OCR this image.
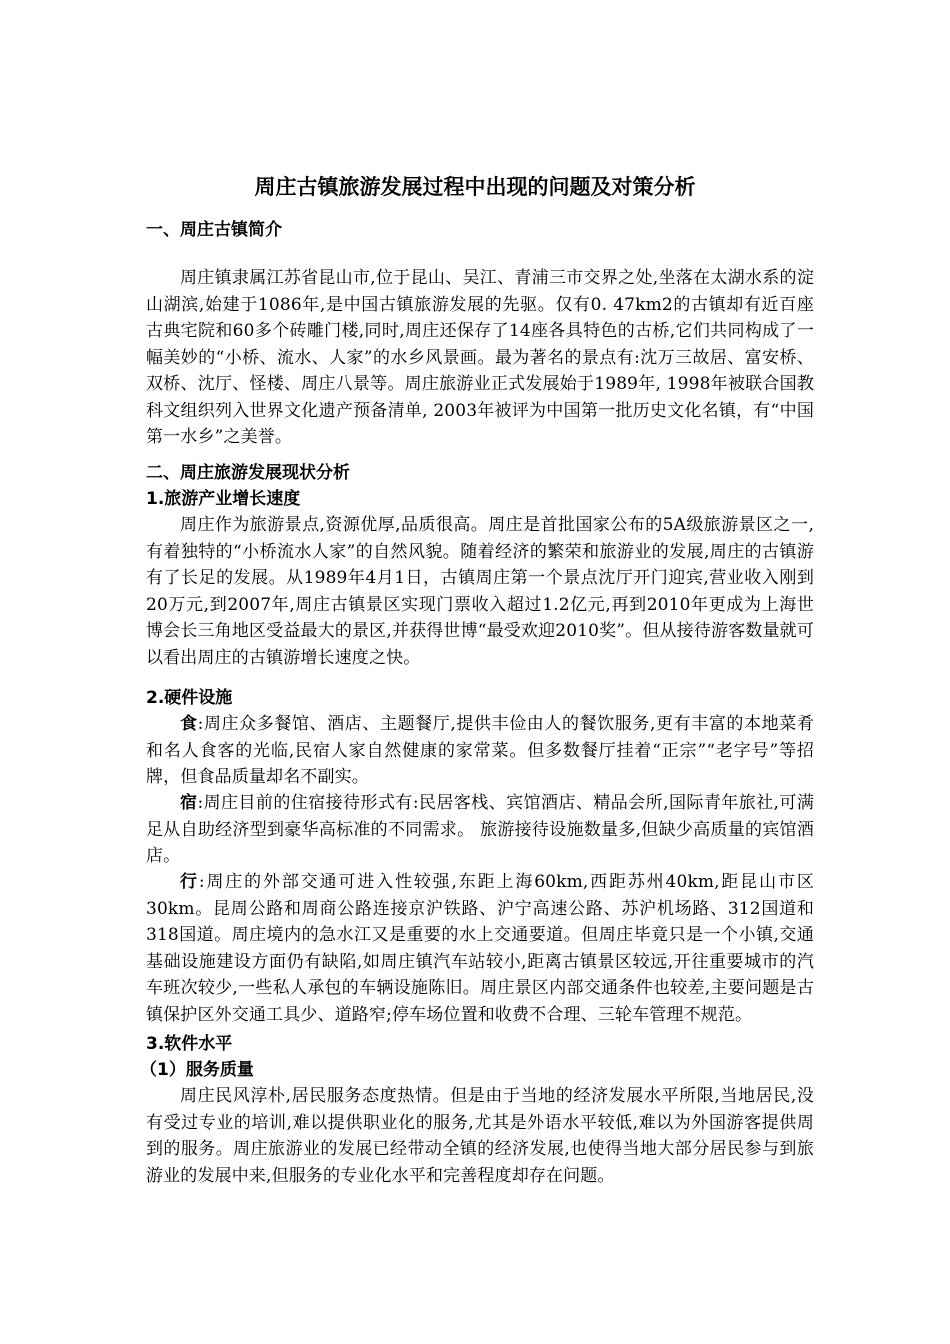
周庄古镇旅游发展过程中出现的问题及对策分析
一、周庄古镇简介
周庄镇隶属江苏省昆山市,位于昆山、吴江、青浦三市交界之处,坐落在太湖水系的淀山湖滨,始建于1086年,是中国古镇旅游发展的先驱。仅有0. 47km2的古镇却有近百座古典宅院和60多个砖雕门楼,同时,周庄还保存了14座各具特色的古桥,它们共同构成了一幅美妙的“小桥、流水、人家”的水乡风景画。最为著名的景点有:沈万三故居、富安桥、双桥、沈厅、怪楼、周庄八景等。周庄旅游业正式发展始于1989年, 1998年被联合国教科文组织列入世界文化遗产预备清单, 2003年被评为中国第一批历史文化名镇，有“中国第一水乡”之美誉。
二、周庄旅游发展现状分析
1.旅游产业增长速度
周庄作为旅游景点,资源优厚,品质很高。周庄是首批国家公布的5A级旅游景区之一,有着独特的“小桥流水人家”的自然风貌。随着经济的繁荣和旅游业的发展,周庄的古镇游有了长足的发展。从1989年4月1日，古镇周庄第一个景点沈厅开门迎宾,营业收入刚到20万元,到2007年,周庄古镇景区实现门票收入超过1.2亿元,再到2010年更成为上海世博会长三角地区受益最大的景区,并获得世博“最受欢迎2010奖”。但从接待游客数量就可以看出周庄的古镇游增长速度之快。
2.硬件设施
食:周庄众多餐馆、酒店、主题餐厅,提供丰俭由人的餐饮服务,更有丰富的本地菜肴和名人食客的光临,民宿人家自然健康的家常菜。但多数餐厅挂着“正宗”“老字号”等招牌，但食品质量却名不副实。
宿:周庄目前的住宿接待形式有:民居客栈、宾馆酒店、精品会所,国际青年旅社,可满足从自助经济型到豪华高标准的不同需求。 旅游接待设施数量多,但缺少高质量的宾馆酒店。
行:周庄的外部交通可进入性较强,东距上海60km,西距苏州40km,距昆山市区30km。昆周公路和周商公路连接京沪铁路、沪宁高速公路、苏沪机场路、312国道和318国道。周庄境内的急水江又是重要的水上交通要道。但周庄毕竟只是一个小镇,交通基础设施建设方面仍有缺陷,如周庄镇汽车站较小,距离古镇景区较远,开往重要城市的汽车班次较少,一些私人承包的车辆设施陈旧。周庄景区内部交通条件也较差,主要问题是古镇保护区外交通工具少、道路窄;停车场位置和收费不合理、三轮车管理不规范。
3.软件水平
（1）服务质量
周庄民风淳朴,居民服务态度热情。但是由于当地的经济发展水平所限,当地居民,没有受过专业的培训,难以提供职业化的服务,尤其是外语水平较低,难以为外国游客提供周到的服务。周庄旅游业的发展已经带动全镇的经济发展,也使得当地大部分居民参与到旅游业的发展中来,但服务的专业化水平和完善程度却存在问题。
